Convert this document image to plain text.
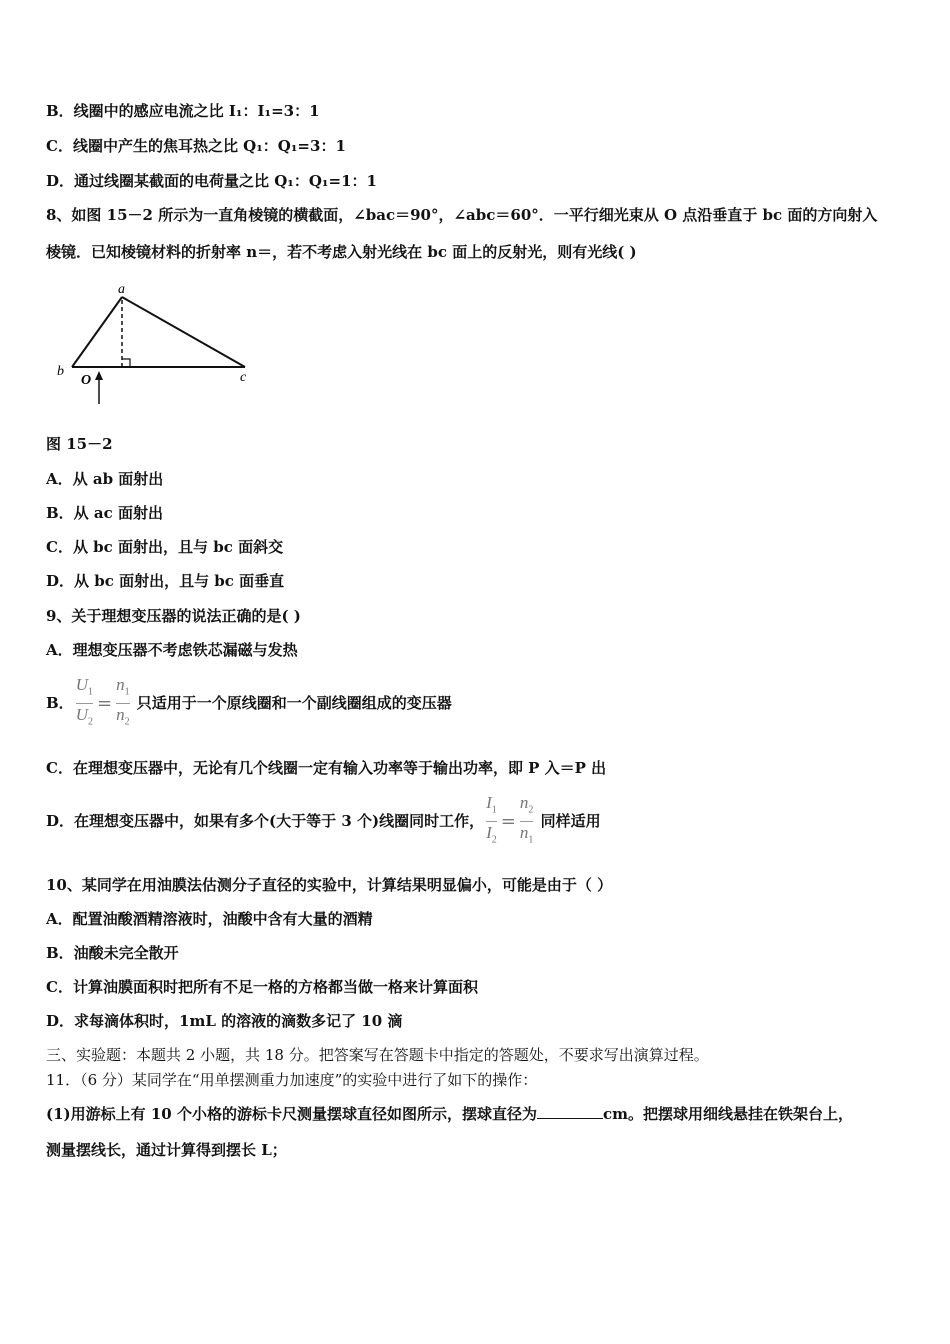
B．线圈中的感应电流之比 I₁：I₁=3：1
C．线圈中产生的焦耳热之比 Q₁：Q₁=3：1
D．通过线圈某截面的电荷量之比 Q₁：Q₁=1：1
8、如图 15－2 所示为一直角棱镜的横截面，∠bac＝90°，∠abc＝60°．一平行细光束从 O 点沿垂直于 bc 面的方向射入
棱镜．已知棱镜材料的折射率 n＝，若不考虑入射光线在 bc 面上的反射光，则有光线( )
a
b	c
O
图 15－2
A．从 ab 面射出
B．从 ac 面射出
C．从 bc 面射出，且与 bc 面斜交
D．从 bc 面射出，且与 bc 面垂直
9、关于理想变压器的说法正确的是( )
A．理想变压器不考虑铁芯漏磁与发热
B． $\frac{U_1}{U_2} = \frac{n_1}{n_2}$ 只适用于一个原线圈和一个副线圈组成的变压器
C．在理想变压器中，无论有几个线圈一定有输入功率等于输出功率，即 P 入＝P 出
D．在理想变压器中，如果有多个(大于等于 3 个)线圈同时工作， $\frac{I_1}{I_2} = \frac{n_2}{n_1}$ 同样适用
10、某同学在用油膜法估测分子直径的实验中，计算结果明显偏小，可能是由于（ ）
A．配置油酸酒精溶液时，油酸中含有大量的酒精
B．油酸未完全散开
C．计算油膜面积时把所有不足一格的方格都当做一格来计算面积
D．求每滴体积时，1mL 的溶液的滴数多记了 10 滴
三、实验题：本题共 2 小题，共 18 分。把答案写在答题卡中指定的答题处，不要求写出演算过程。
11．（6 分）某同学在“用单摆测重力加速度”的实验中进行了如下的操作：
(1)用游标上有 10 个小格的游标卡尺测量摆球直径如图所示，摆球直径为	cm。把摆球用细线悬挂在铁架台上，
测量摆线长，通过计算得到摆长 L；
